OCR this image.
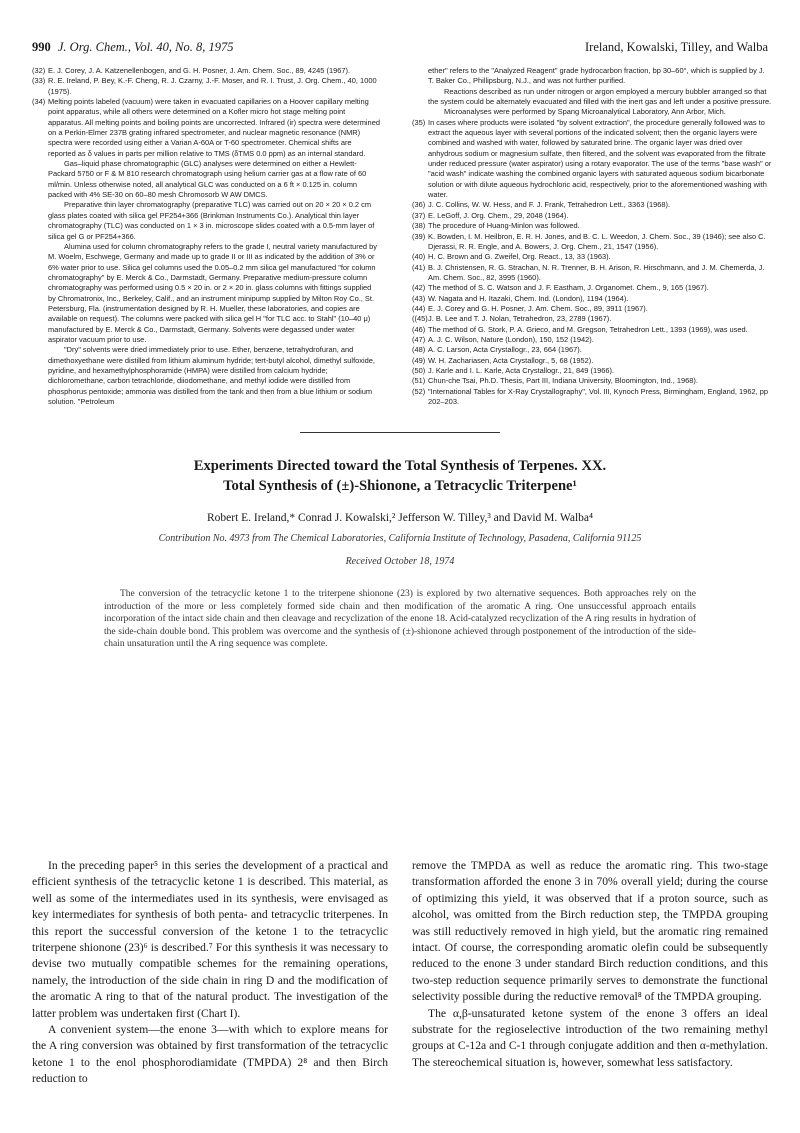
990 J. Org. Chem., Vol. 40, No. 8, 1975	Ireland, Kowalski, Tilley, and Walba
(32) E. J. Corey, J. A. Katzenellenbogen, and G. H. Posner, J. Am. Chem. Soc., 89, 4245 (1967).
(33) R. E. Ireland, P. Bey, K.-F. Cheng, R. J. Czarny, J.-F. Moser, and R. I. Trust, J. Org. Chem., 40, 1000 (1975).
(34) Melting points labeled (vacuum) were taken in evacuated capillaries on a Hoover capillary melting point apparatus, while all others were determined on a Kofler micro hot stage melting point apparatus. All melting points and boiling points are uncorrected. Infrared (ir) spectra were determined on a Perkin-Elmer 237B grating infrared spectrometer, and nuclear magnetic resonance (NMR) spectra were recorded using either a Varian A-60A or T-60 spectrometer. Chemical shifts are reported as δ values in parts per million relative to TMS (δTMS 0.0 ppm) as an internal standard.

Gas–liquid phase chromatographic (GLC) analyses were determined on either a Hewlett-Packard 5750 or F & M 810 research chromatograph using helium carrier gas at a flow rate of 60 ml/min. Unless otherwise noted, all analytical GLC was conducted on a 6 ft × 0.125 in. column packed with 4% SE-30 on 60–80 mesh Chromosorb W AW DMCS.

Preparative thin layer chromatography (preparative TLC) was carried out on 20 × 20 × 0.2 cm glass plates coated with silica gel PF254+366 (Brinkman Instruments Co.). Analytical thin layer chromatography (TLC) was conducted on 1 × 3 in. microscope slides coated with a 0.5-mm layer of silica gel G or PF254+366.

Alumina used for column chromatography refers to the grade I, neutral variety manufactured by M. Woelm, Eschwege, Germany and made up to grade II or III as indicated by the addition of 3% or 6% water prior to use. Silica gel columns used the 0.05–0.2 mm silica gel manufactured "for column chromatography" by E. Merck & Co., Darmstadt, Germany. Preparative medium-pressure column chromatography was performed using 0.5 × 20 in. or 2 × 20 in. glass columns with fittings supplied by Chromatronix, Inc., Berkeley, Calif., and an instrument minipump supplied by Milton Roy Co., St. Petersburg, Fla. (instrumentation designed by R. H. Mueller, these laboratories, and copies are available on request). The columns were packed with silica gel H "for TLC acc. to Stahl" (10–40 μ) manufactured by E. Merck & Co., Darmstadt, Germany. Solvents were degassed under water aspirator vacuum prior to use.

"Dry" solvents were dried immediately prior to use. Ether, benzene, tetrahydrofuran, and dimethoxyethane were distilled from lithium aluminum hydride; tert-butyl alcohol, dimethyl sulfoxide, pyridine, and hexamethylphosphoramide (HMPA) were distilled from calcium hydride; dichloromethane, carbon tetrachloride, diiodomethane, and methyl iodide were distilled from phosphorus pentoxide; ammonia was distilled from the tank and then from a blue lithium or sodium solution. "Petroleum

ether" refers to the "Analyzed Reagent" grade hydrocarbon fraction, bp 30–60°, which is supplied by J. T. Baker Co., Phillipsburg, N.J., and was not further purified.

Reactions described as run under nitrogen or argon employed a mercury bubbler arranged so that the system could be alternately evacuated and filled with the inert gas and left under a positive pressure.

Microanalyses were performed by Spang Microanalytical Laboratory, Ann Arbor, Mich.

(35) In cases where products were isolated "by solvent extraction", the procedure generally followed was to extract the aqueous layer with several portions of the indicated solvent; then the organic layers were combined and washed with water, followed by saturated brine. The organic layer was dried over anhydrous sodium or magnesium sulfate, then filtered, and the solvent was evaporated from the filtrate under reduced pressure (water aspirator) using a rotary evaporator. The use of the terms "base wash" or "acid wash" indicate washing the combined organic layers with saturated aqueous sodium bicarbonate solution or with dilute aqueous hydrochloric acid, respectively, prior to the aforementioned washing with water.
(36) J. C. Collins, W. W. Hess, and F. J. Frank, Tetrahedron Lett., 3363 (1968).
(37) E. LeGoff, J. Org. Chem., 29, 2048 (1964).
(38) The procedure of Huang-Minlon was followed.
(39) K. Bowden, I. M. Heilbron, E. R. H. Jones, and B. C. L. Weedon, J. Chem. Soc., 39 (1946); see also C. Djerassi, R. R. Engle, and A. Bowers, J. Org. Chem., 21, 1547 (1956).
(40) H. C. Brown and G. Zweifel, Org. React., 13, 33 (1963).
(41) B. J. Christensen, R. G. Strachan, N. R. Trenner, B. H. Arison, R. Hirschmann, and J. M. Chemerda, J. Am. Chem. Soc., 82, 3995 (1960).
(42) The method of S. C. Watson and J. F. Eastham, J. Organomet. Chem., 9, 165 (1967).
(43) W. Nagata and H. Itazaki, Chem. Ind. (London), 1194 (1964).
(44) E. J. Corey and G. H. Posner, J. Am. Chem. Soc., 89, 3911 (1967).
((45) J. B. Lee and T. J. Nolan, Tetrahedron, 23, 2789 (1967).
(46) The method of G. Stork, P. A. Grieco, and M. Gregson, Tetrahedron Lett., 1393 (1969), was used.
(47) A. J. C. Wilson, Nature (London), 150, 152 (1942).
(48) A. C. Larson, Acta Crystallogr., 23, 664 (1967).
(49) W. H. Zachariasen, Acta Crystallogr., 5, 68 (1952).
(50) J. Karle and I. L. Karle, Acta Crystallogr., 21, 849 (1966).
(51) Chun-che Tsai, Ph.D. Thesis, Part III, Indiana University, Bloomington, Ind., 1968).
(52) "International Tables for X-Ray Crystallography", Vol. III, Kynoch Press, Birmingham, England, 1962, pp 202–203.
Experiments Directed toward the Total Synthesis of Terpenes. XX.
Total Synthesis of (±)-Shionone, a Tetracyclic Triterpene¹
Robert E. Ireland,* Conrad J. Kowalski,² Jefferson W. Tilley,³ and David M. Walba⁴
Contribution No. 4973 from The Chemical Laboratories, California Institute of Technology, Pasadena, California 91125
Received October 18, 1974

The conversion of the tetracyclic ketone 1 to the triterpene shionone (23) is explored by two alternative sequences. Both approaches rely on the introduction of the more or less completely formed side chain and then modification of the aromatic A ring. One unsuccessful approach entails incorporation of the intact side chain and then cleavage and recyclization of the enone 18. Acid-catalyzed recyclization of the A ring results in hydration of the side-chain double bond. This problem was overcome and the synthesis of (±)-shionone achieved through postponement of the introduction of the side-chain unsaturation until the A ring sequence was complete.

In the preceding paper⁵ in this series the development of a practical and efficient synthesis of the tetracyclic ketone 1 is described. This material, as well as some of the intermediates used in its synthesis, were envisaged as key intermediates for synthesis of both penta- and tetracyclic triterpenes. In this report the successful conversion of the ketone 1 to the tetracyclic triterpene shionone (23)⁶ is described.⁷ For this synthesis it was necessary to devise two mutually compatible schemes for the remaining operations, namely, the introduction of the side chain in ring D and the modification of the aromatic A ring to that of the natural product. The investigation of the latter problem was undertaken first (Chart I).

A convenient system—the enone 3—with which to explore means for the A ring conversion was obtained by first transformation of the tetracyclic ketone 1 to the enol phosphorodiamidate (TMPDA) 2⁸ and then Birch reduction to

remove the TMPDA as well as reduce the aromatic ring. This two-stage transformation afforded the enone 3 in 70% overall yield; during the course of optimizing this yield, it was observed that if a proton source, such as alcohol, was omitted from the Birch reduction step, the TMPDA grouping was still reductively removed in high yield, but the aromatic ring remained intact. Of course, the corresponding aromatic olefin could be subsequently reduced to the enone 3 under standard Birch reduction conditions, and this two-step reduction sequence primarily serves to demonstrate the functional selectivity possible during the reductive removal⁸ of the TMPDA grouping.

The α,β-unsaturated ketone system of the enone 3 offers an ideal substrate for the regioselective introduction of the two remaining methyl groups at C-12a and C-1 through conjugate addition and then α-methylation. The stereochemical situation is, however, somewhat less satisfactory.
